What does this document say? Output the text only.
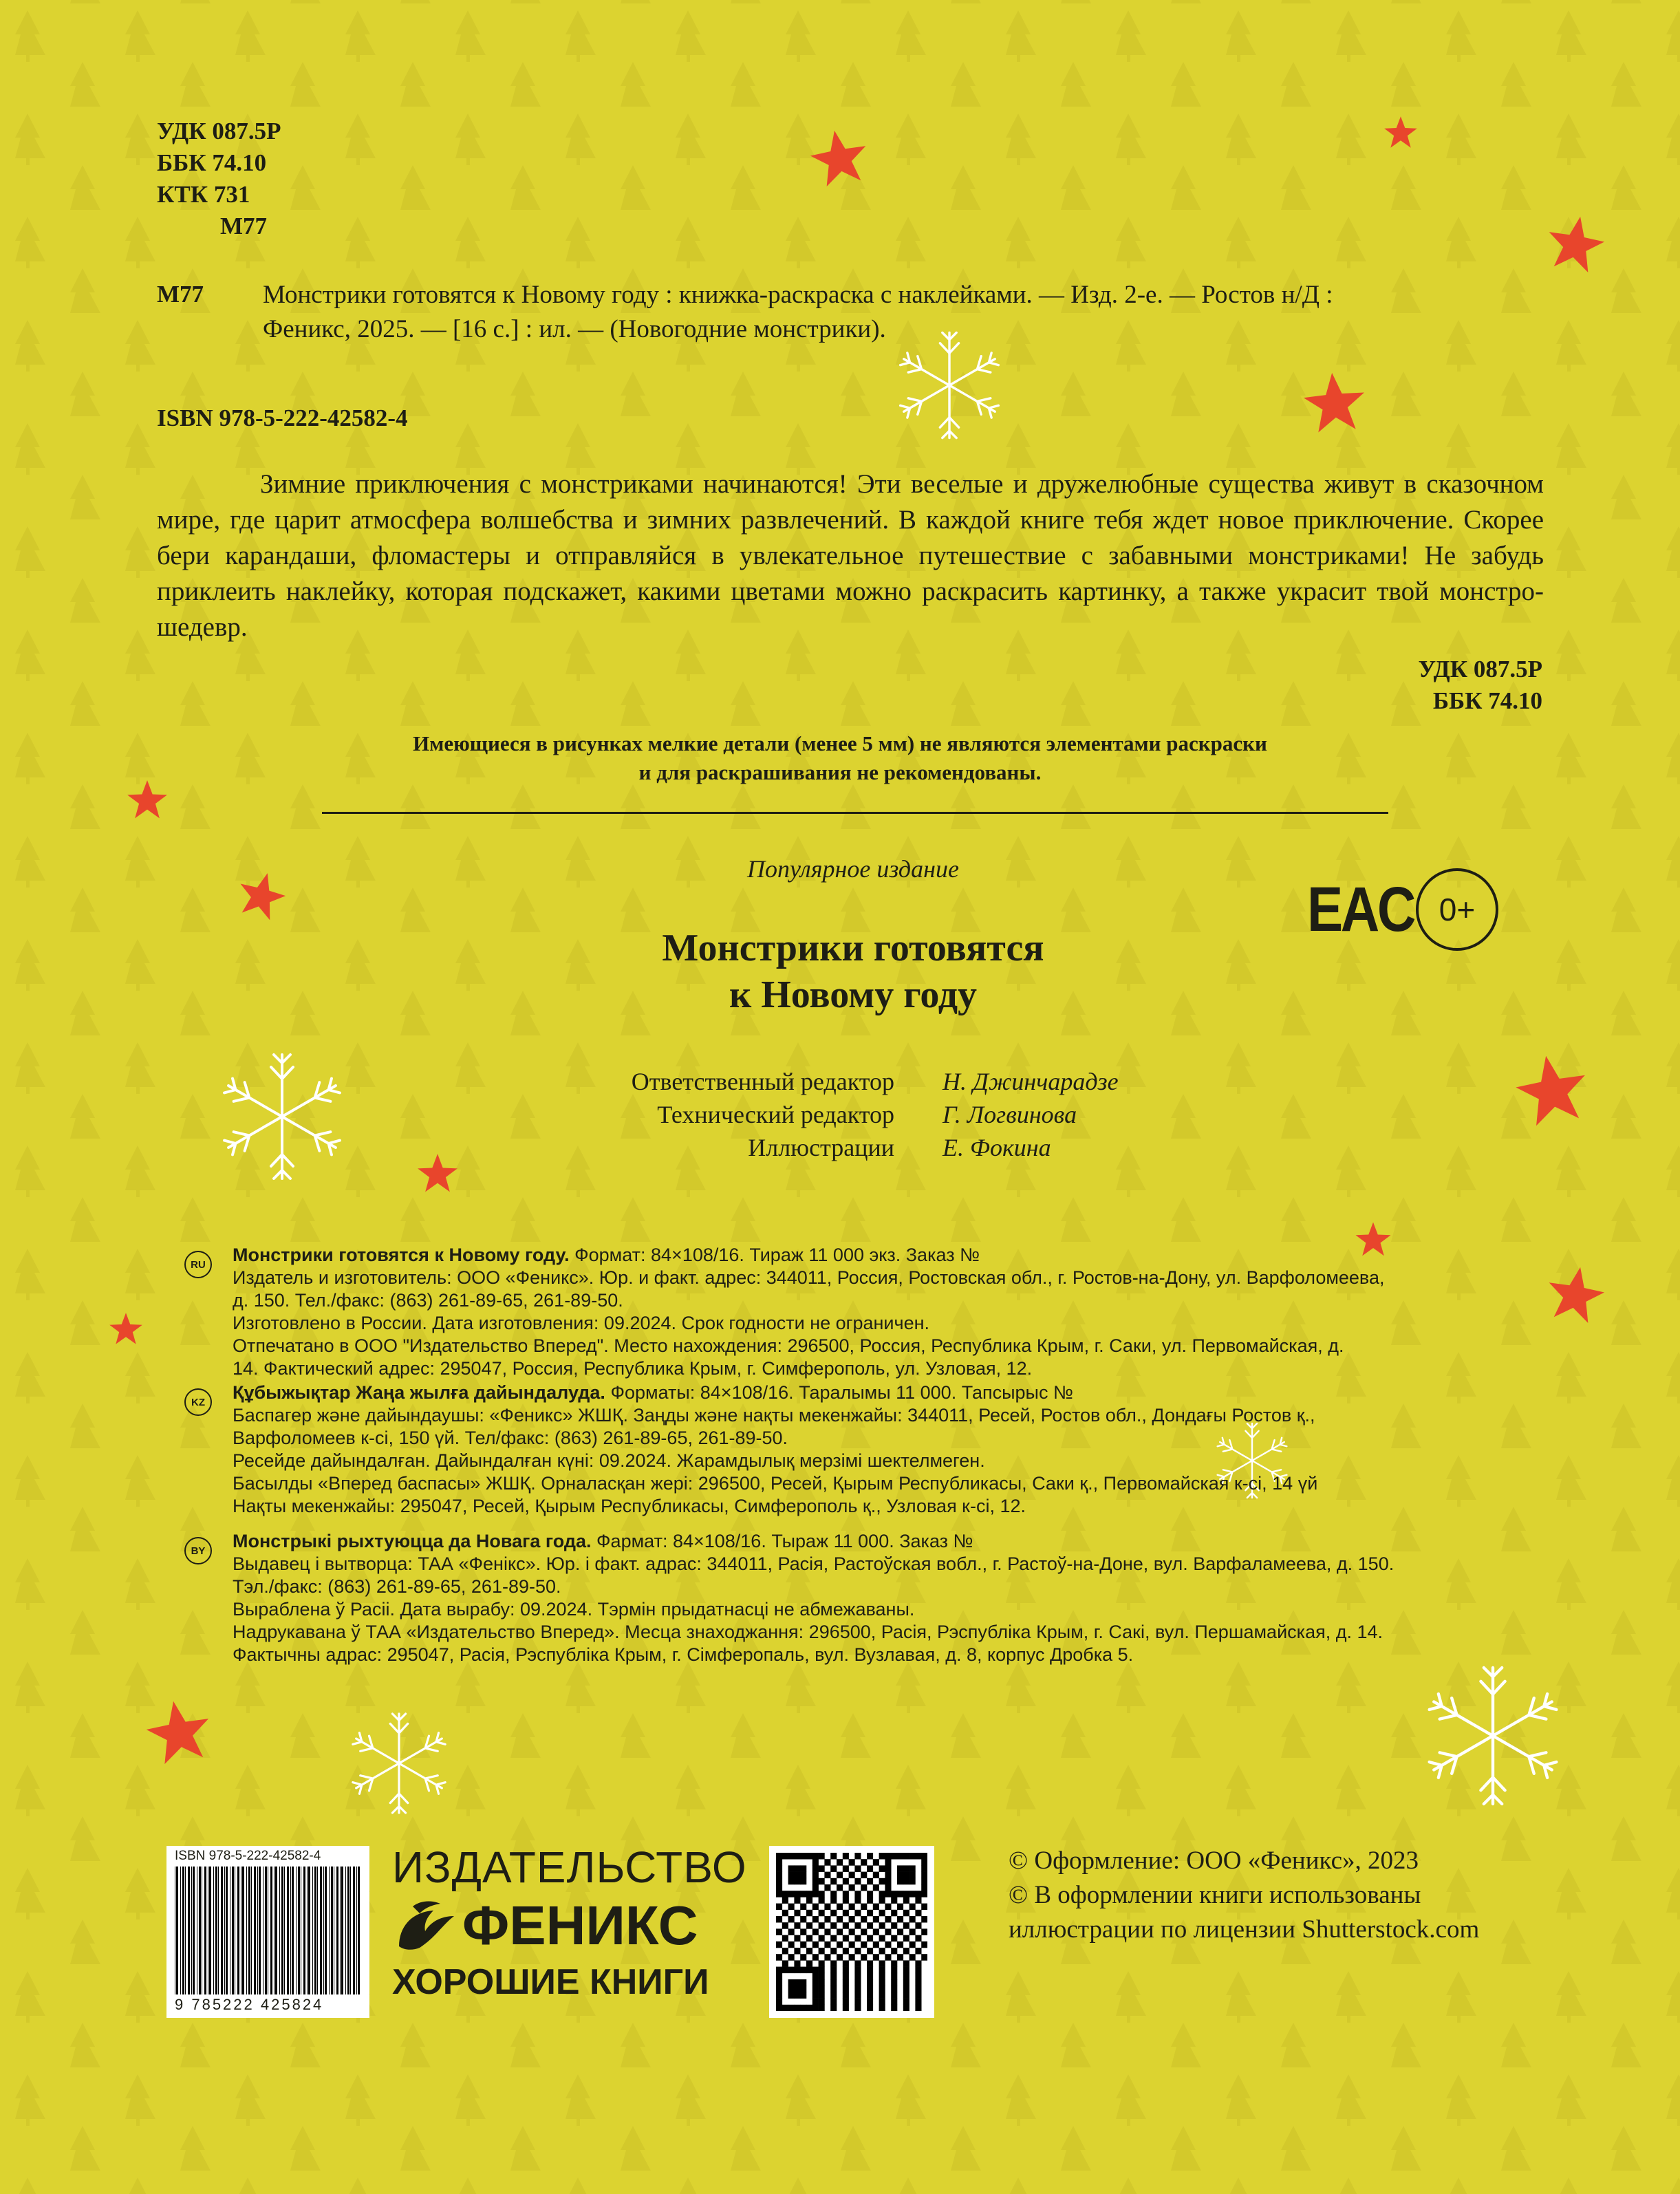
УДК 087.5Р
ББК 74.10
КТК 731
М77
М77 Монстрики готовятся к Новому году : книжка-раскраска с наклейками. — Изд. 2-е. — Ростов н/Д :
Феникс, 2025. — [16 с.] : ил. — (Новогодние монстрики).
ISBN 978-5-222-42582-4
Зимние приключения с монстриками начинаются! Эти веселые и дружелюбные существа живут в сказочном мире, где царит атмосфера волшебства и зимних развлечений. В каждой книге тебя ждет новое приключение. Скорее бери карандаши, фломастеры и отправляйся в увлекательное путешествие с забавными монстриками! Не забудь приклеить наклейку, которая подскажет, какими цветами можно раскрасить картинку, а также украсит твой монстро-шедевр.
УДК 087.5Р
ББК 74.10
Имеющиеся в рисунках мелкие детали (менее 5 мм) не являются элементами раскраски
и для раскрашивания не рекомендованы.
Популярное издание
Монстрики готовятся
к Новому году
EAC 0+
Ответственный редактор	Н. Джинчарадзе
Технический редактор	Г. Логвинова
Иллюстрации	Е. Фокина
RU Монстрики готовятся к Новому году. Формат: 84×108/16. Тираж 11 000 экз. Заказ №
Издатель и изготовитель: ООО «Феникс». Юр. и факт. адрес: 344011, Россия, Ростовская обл., г. Ростов-на-Дону, ул. Варфоломеева,
д. 150. Тел./факс: (863) 261-89-65, 261-89-50.
Изготовлено в России. Дата изготовления: 09.2024. Срок годности не ограничен.
Отпечатано в ООО "Издательство Вперед". Место нахождения: 296500, Россия, Республика Крым, г. Саки, ул. Первомайская, д.
14. Фактический адрес: 295047, Россия, Республика Крым, г. Симферополь, ул. Узловая, 12.
KZ Құбыжықтар Жаңа жылға дайындалуда. Форматы: 84×108/16. Таралымы 11 000. Тапсырыс №
Баспагер және дайындаушы: «Феникс» ЖШҚ. Заңды және нақты мекенжайы: 344011, Ресей, Ростов обл., Дондағы Ростов қ.,
Варфоломеев к-сі, 150 үй. Тел/факс: (863) 261-89-65, 261-89-50.
Ресейде дайындалған. Дайындалған күні: 09.2024. Жарамдылық мерзімі шектелмеген.
Басылды «Вперед баспасы» ЖШҚ. Орналасқан жері: 296500, Ресей, Қырым Республикасы, Саки қ., Первомайская к-сі, 14 үй
Нақты мекенжайы: 295047, Ресей, Қырым Республикасы, Симферополь қ., Узловая к-сі, 12.
BY Монстрыкі рыхтуюцца да Новага года. Фармат: 84×108/16. Тыраж 11 000. Заказ №
Выдавец і вытворца: ТАА «Фенікс». Юр. і факт. адрас: 344011, Расія, Растоўская вобл., г. Растоў-на-Доне, вул. Варфаламеева, д. 150.
Тэл./факс: (863) 261-89-65, 261-89-50.
Выраблена ў Расіі. Дата вырабу: 09.2024. Тэрмін прыдатнасці не абмежаваны.
Надрукавана ў ТАА «Издательство Вперед». Месца знаходжання: 296500, Расія, Рэспубліка Крым, г. Сакі, вул. Першамайская, д. 14.
Фактычны адрас: 295047, Расія, Рэспубліка Крым, г. Сімферопаль, вул. Вузлавая, д. 8, корпус Дробка 5.
ISBN 978-5-222-42582-4
9 785222 425824
ИЗДАТЕЛЬСТВО
ФЕНИКС
ХОРОШИЕ КНИГИ
© Оформление: ООО «Феникс», 2023
© В оформлении книги использованы
иллюстрации по лицензии Shutterstock.com
